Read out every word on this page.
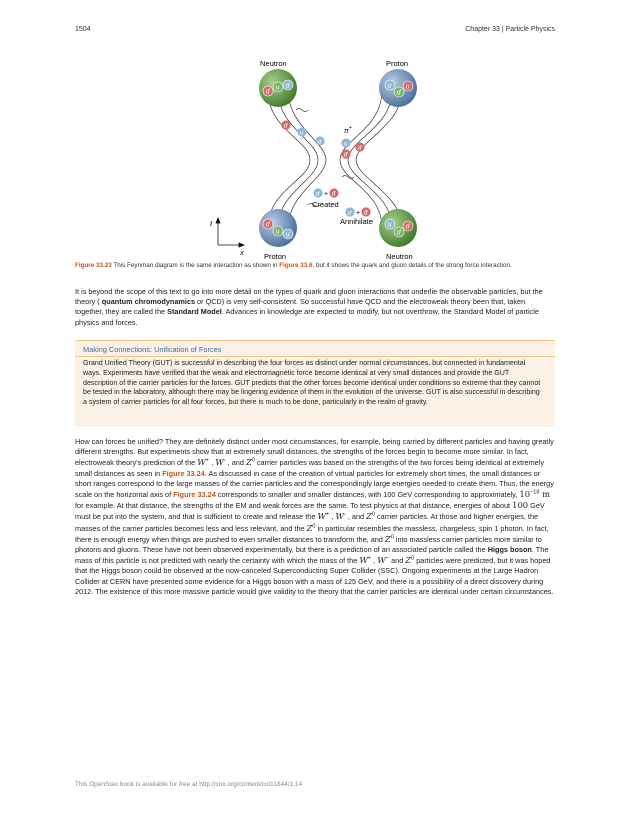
1504	Chapter 33 | Particle Physics
Neutron	Proton
Proton	Neutron
d
u d	u
d
u
d
u u
u
d
d
d
u
d
π +
u
d̄
d
d + d̄
Created
d + d̄
Annihilate
t
x
Figure 33.23 This Feynman diagram is the same interaction as shown in Figure 33.6, but it shows the quark and gluon details of the strong force interaction.
It is beyond the scope of this text to go into more detail on the types of quark and gluon interactions that underlie the observable particles, but the theory ( quantum chromodynamics or QCD) is very self-consistent. So successful have QCD and the electroweak theory been that, taken together, they are called the Standard Model. Advances in knowledge are expected to modify, but not overthrow, the Standard Model of particle physics and forces.
Making Connections: Unification of Forces
Grand Unified Theory (GUT) is successful in describing the four forces as distinct under normal circumstances, but connected in fundamental ways. Experiments have verified that the weak and electromagnetic force become identical at very small distances and provide the GUT description of the carrier particles for the forces. GUT predicts that the other forces become identical under conditions so extreme that they cannot be tested in the laboratory, although there may be lingering evidence of them in the evolution of the universe. GUT is also successful in describing a system of carrier particles for all four forces, but there is much to be done, particularly in the realm of gravity.
How can forces be unified? They are definitely distinct under most circumstances, for example, being carried by different particles and having greatly different strengths. But experiments show that at extremely small distances, the strengths of the forces begin to become more similar. In fact, electroweak theory's prediction of the W+ , W- , and $Z^0$ carrier particles was based on the strengths of the two forces being identical at extremely small distances as seen in Figure 33.24. As discussed in case of the creation of virtual particles for extremely short times, the small distances or short ranges correspond to the large masses of the carrier particles and the correspondingly large energies needed to create them. Thus, the energy scale on the horizontal axis of Figure 33.24 corresponds to smaller and smaller distances, with 100 GeV corresponding to approximately, $10^{-18}$ m for example. At that distance, the strengths of the EM and weak forces are the same. To test physics at that distance, energies of about 100 GeV must be put into the system, and that is sufficient to create and release the W+ , W- , and $Z^0$ carrier particles. At those and higher energies, the masses of the carrier particles becomes less and less relevant, and the $Z^0$ in particular resembles the massless, chargeless, spin 1 photon. In fact, there is enough energy when things are pushed to even smaller distances to transform the, and $Z^0$ into massless carrier particles more similar to photons and gluons. These have not been observed experimentally, but there is a prediction of an associated particle called the Higgs boson. The mass of this particle is not predicted with nearly the certainty with which the mass of the W+ , W− and $Z^0$ particles were predicted, but it was hoped that the Higgs boson could be observed at the now-canceled Superconducting Super Collider (SSC). Ongoing experiments at the Large Hadron Collider at CERN have presented some evidence for a Higgs boson with a mass of 125 GeV, and there is a possibility of a direct discovery during 2012. The existence of this more massive particle would give validity to the theory that the carrier particles are identical under certain circumstances.
This OpenStax book is available for free at http://cnx.org/content/col11844/1.14
